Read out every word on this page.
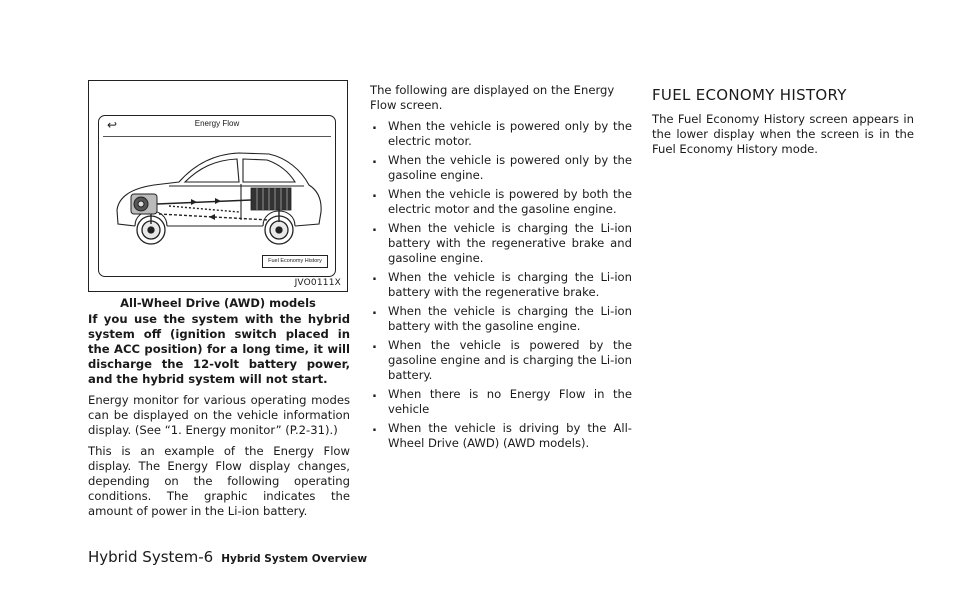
↩	Energy Flow
Fuel Economy History
JVO0111X
All-Wheel Drive (AWD) models

If you use the system with the hybrid system off (ignition switch placed in the ACC position) for a long time, it will discharge the 12-volt battery power, and the hybrid system will not start.

Energy monitor for various operating modes can be displayed on the vehicle information display. (See “1. Energy monitor” (P.2-31).)

This is an example of the Energy Flow display. The Energy Flow display changes, depending on the following operating conditions. The graphic indicates the amount of power in the Li-ion battery.

The following are displayed on the Energy Flow screen.

. When the vehicle is powered only by the electric motor.
. When the vehicle is powered only by the gasoline engine.
. When the vehicle is powered by both the electric motor and the gasoline engine.
. When the vehicle is charging the Li-ion battery with the regenerative brake and gasoline engine.
. When the vehicle is charging the Li-ion battery with the regenerative brake.
. When the vehicle is charging the Li-ion battery with the gasoline engine.
. When the vehicle is powered by the gasoline engine and is charging the Li-ion battery.
. When there is no Energy Flow in the vehicle
. When the vehicle is driving by the All-Wheel Drive (AWD) (AWD models).
FUEL ECONOMY HISTORY

The Fuel Economy History screen appears in the lower display when the screen is in the Fuel Economy History mode.

Hybrid System-6 Hybrid System Overview
